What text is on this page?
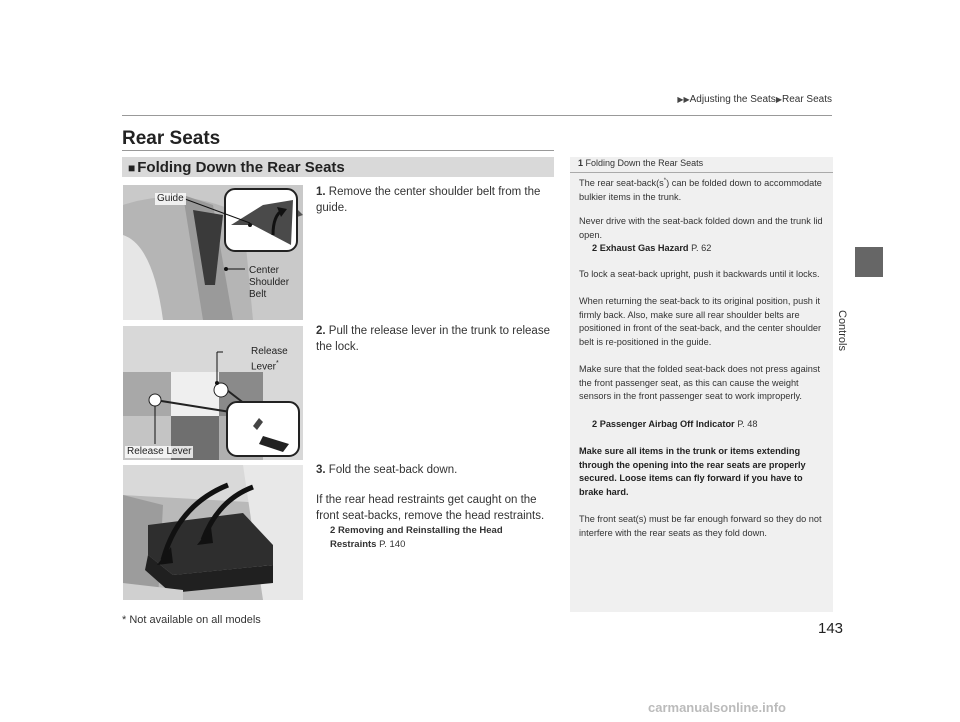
▶▶Adjusting the Seats▶Rear Seats
Rear Seats
■ Folding Down the Rear Seats
Controls
Guide
Center
Shoulder
Belt
Release
Lever*
Release Lever
1. Remove the center shoulder belt from the guide.
2. Pull the release lever in the trunk to release the lock.
3. Fold the seat-back down.
If the rear head restraints get caught on the front seat-backs, remove the head restraints.
2 Removing and Reinstalling the Head Restraints P. 140
1 Folding Down the Rear Seats
The rear seat-back(s*) can be folded down to accommodate bulkier items in the trunk.
Never drive with the seat-back folded down and the trunk lid open.
2 Exhaust Gas Hazard P. 62
To lock a seat-back upright, push it backwards until it locks.
When returning the seat-back to its original position, push it firmly back. Also, make sure all rear shoulder belts are positioned in front of the seat-back, and the center shoulder belt is re-positioned in the guide.
Make sure that the folded seat-back does not press against the front passenger seat, as this can cause the weight sensors in the front passenger seat to work improperly.
2 Passenger Airbag Off Indicator P. 48
Make sure all items in the trunk or items extending through the opening into the rear seats are properly secured. Loose items can fly forward if you have to brake hard.
The front seat(s) must be far enough forward so they do not interfere with the rear seats as they fold down.
* Not available on all models	143
carmanualsonline.info
